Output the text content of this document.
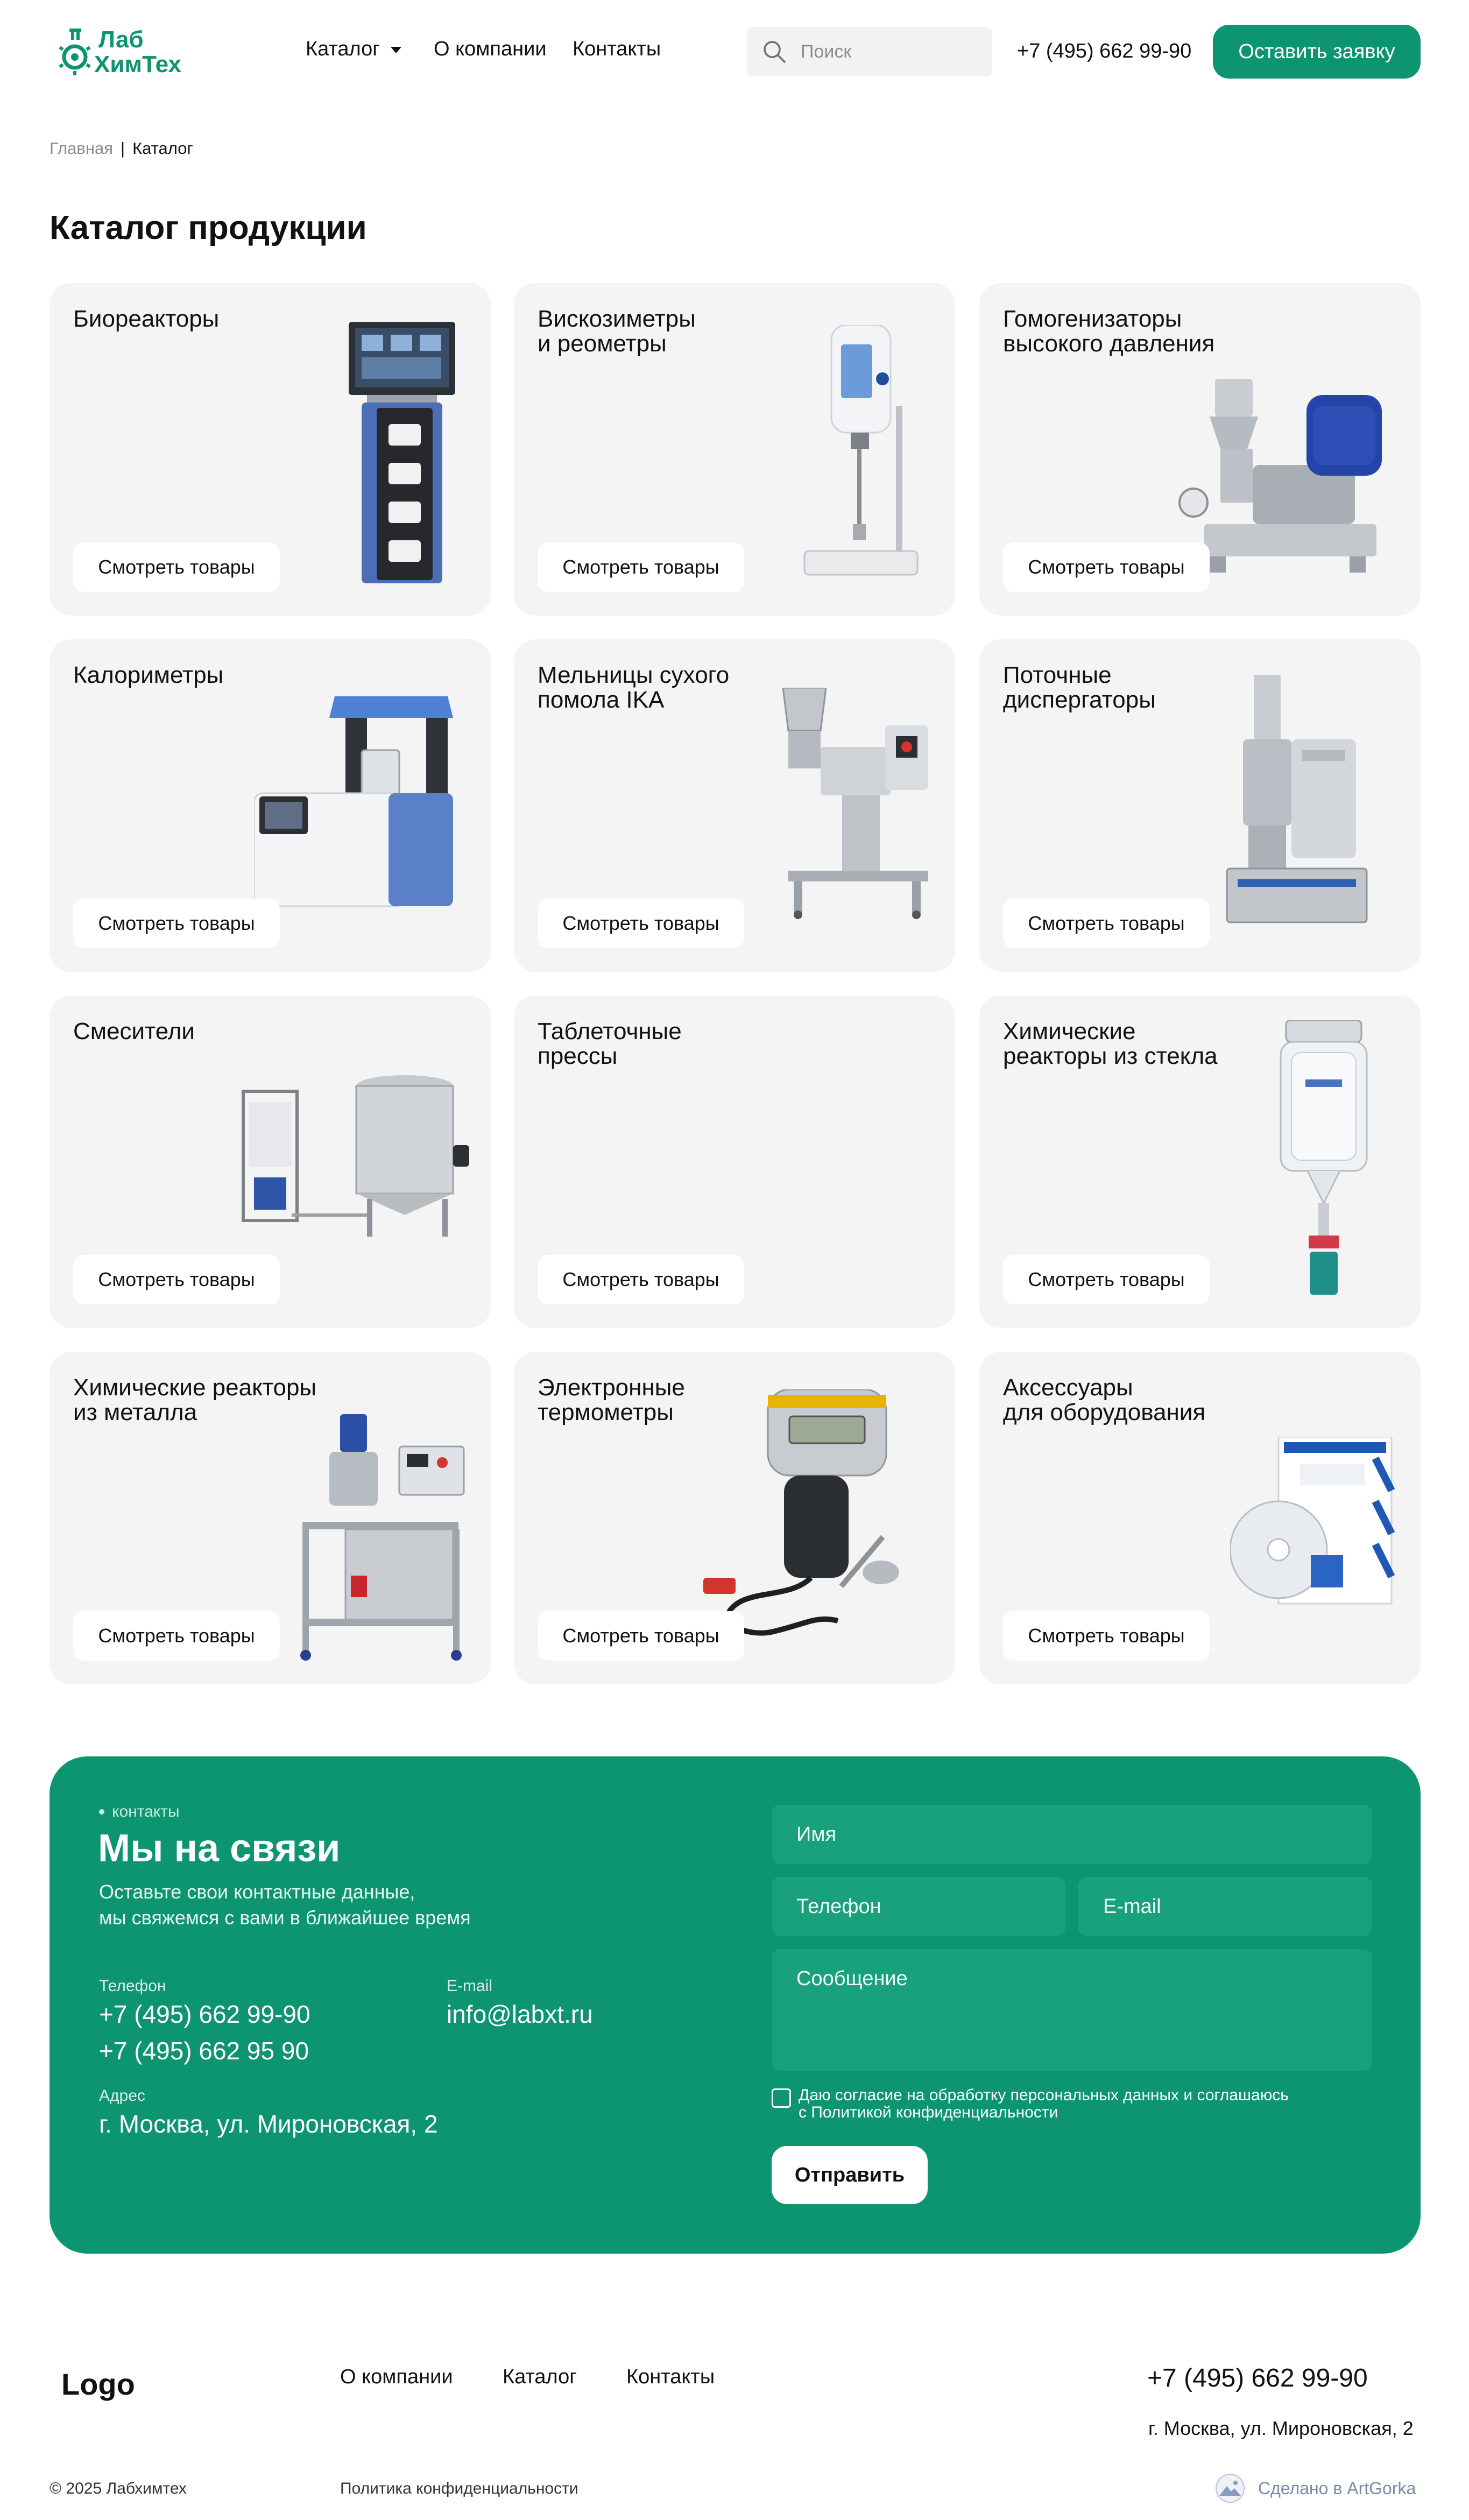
Лаб
ХимТех
Каталог	О компании Контакты
Поиск	+7 (495) 662 99-90	Оставить заявку
Главная | Каталог
Каталог продукции
Биореакторы
Смотреть товары
Вискозиметры
и реометры
Смотреть товары
Гомогенизаторы
высокого давления
Смотреть товары
Калориметры
Смотреть товары
Мельницы сухого
помола IKA
Смотреть товары
Поточные
диспергаторы
Смотреть товары
Смесители
Смотреть товары
Таблеточные
прессы
Смотреть товары
Химические
реакторы из стекла
Смотреть товары
Химические реакторы
из металла
Смотреть товары
Электронные
термометры
Смотреть товары
Аксессуары
для оборудования
Смотреть товары
контакты
Мы на связи

Оставьте свои контактные данные,
мы свяжемся с вами в ближайшее время

Телефон
+7 (495) 662 99-90
+7 (495) 662 95 90
E-mail
info@labxt.ru
Адрес
г. Москва, ул. Мироновская, 2
Имя
Телефон
E-mail
Сообщение
Даю согласие на обработку персональных данных и соглашаюсь
с Политикой конфиденциальности
Отправить
Logo	О компании Каталог Контакты	+7 (495) 662 99-90
г. Москва, ул. Мироновская, 2
© 2025 Лабхимтех	Политика конфиденциальности	Сделано в ArtGorka
